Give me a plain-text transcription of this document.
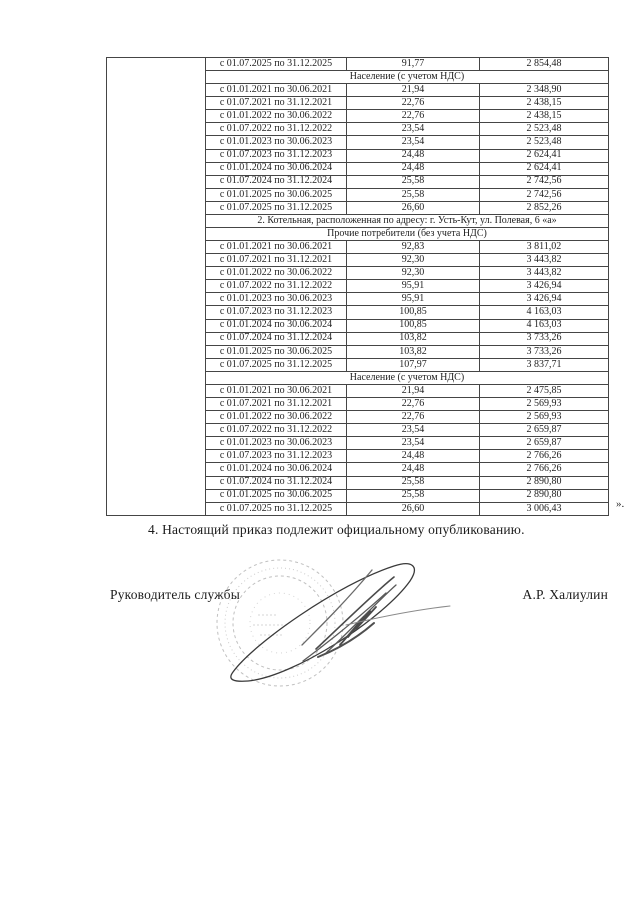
	с 01.07.2025 по 31.12.2025	91,77	2 854,48
	Население (с учетом НДС)		
	с 01.01.2021 по 30.06.2021	21,94	2 348,90
	с 01.07.2021 по 31.12.2021	22,76	2 438,15
	с 01.01.2022 по 30.06.2022	22,76	2 438,15
	с 01.07.2022 по 31.12.2022	23,54	2 523,48
	с 01.01.2023 по 30.06.2023	23,54	2 523,48
	с 01.07.2023 по 31.12.2023	24,48	2 624,41
	с 01.01.2024 по 30.06.2024	24,48	2 624,41
	с 01.07.2024 по 31.12.2024	25,58	2 742,56
	с 01.01.2025 по 30.06.2025	25,58	2 742,56
	с 01.07.2025 по 31.12.2025	26,60	2 852,26
	2. Котельная, расположенная по адресу: г. Усть-Кут, ул. Полевая, 6 «а»		
	Прочие потребители (без учета НДС)		
	с 01.01.2021 по 30.06.2021	92,83	3 811,02
	с 01.07.2021 по 31.12.2021	92,30	3 443,82
	с 01.01.2022 по 30.06.2022	92,30	3 443,82
	с 01.07.2022 по 31.12.2022	95,91	3 426,94
	с 01.01.2023 по 30.06.2023	95,91	3 426,94
	с 01.07.2023 по 31.12.2023	100,85	4 163,03
	с 01.01.2024 по 30.06.2024	100,85	4 163,03
	с 01.07.2024 по 31.12.2024	103,82	3 733,26
	с 01.01.2025 по 30.06.2025	103,82	3 733,26
	с 01.07.2025 по 31.12.2025	107,97	3 837,71
	Население (с учетом НДС)		
	с 01.01.2021 по 30.06.2021	21,94	2 475,85
	с 01.07.2021 по 31.12.2021	22,76	2 569,93
	с 01.01.2022 по 30.06.2022	22,76	2 569,93
	с 01.07.2022 по 31.12.2022	23,54	2 659,87
	с 01.01.2023 по 30.06.2023	23,54	2 659,87
	с 01.07.2023 по 31.12.2023	24,48	2 766,26
	с 01.01.2024 по 30.06.2024	24,48	2 766,26
	с 01.07.2024 по 31.12.2024	25,58	2 890,80
	с 01.01.2025 по 30.06.2025	25,58	2 890,80
	с 01.07.2025 по 31.12.2025	26,60	3 006,43	».

4. Настоящий приказ подлежит официальному опубликованию.

Руководитель службы	А.Р. Халиулин
